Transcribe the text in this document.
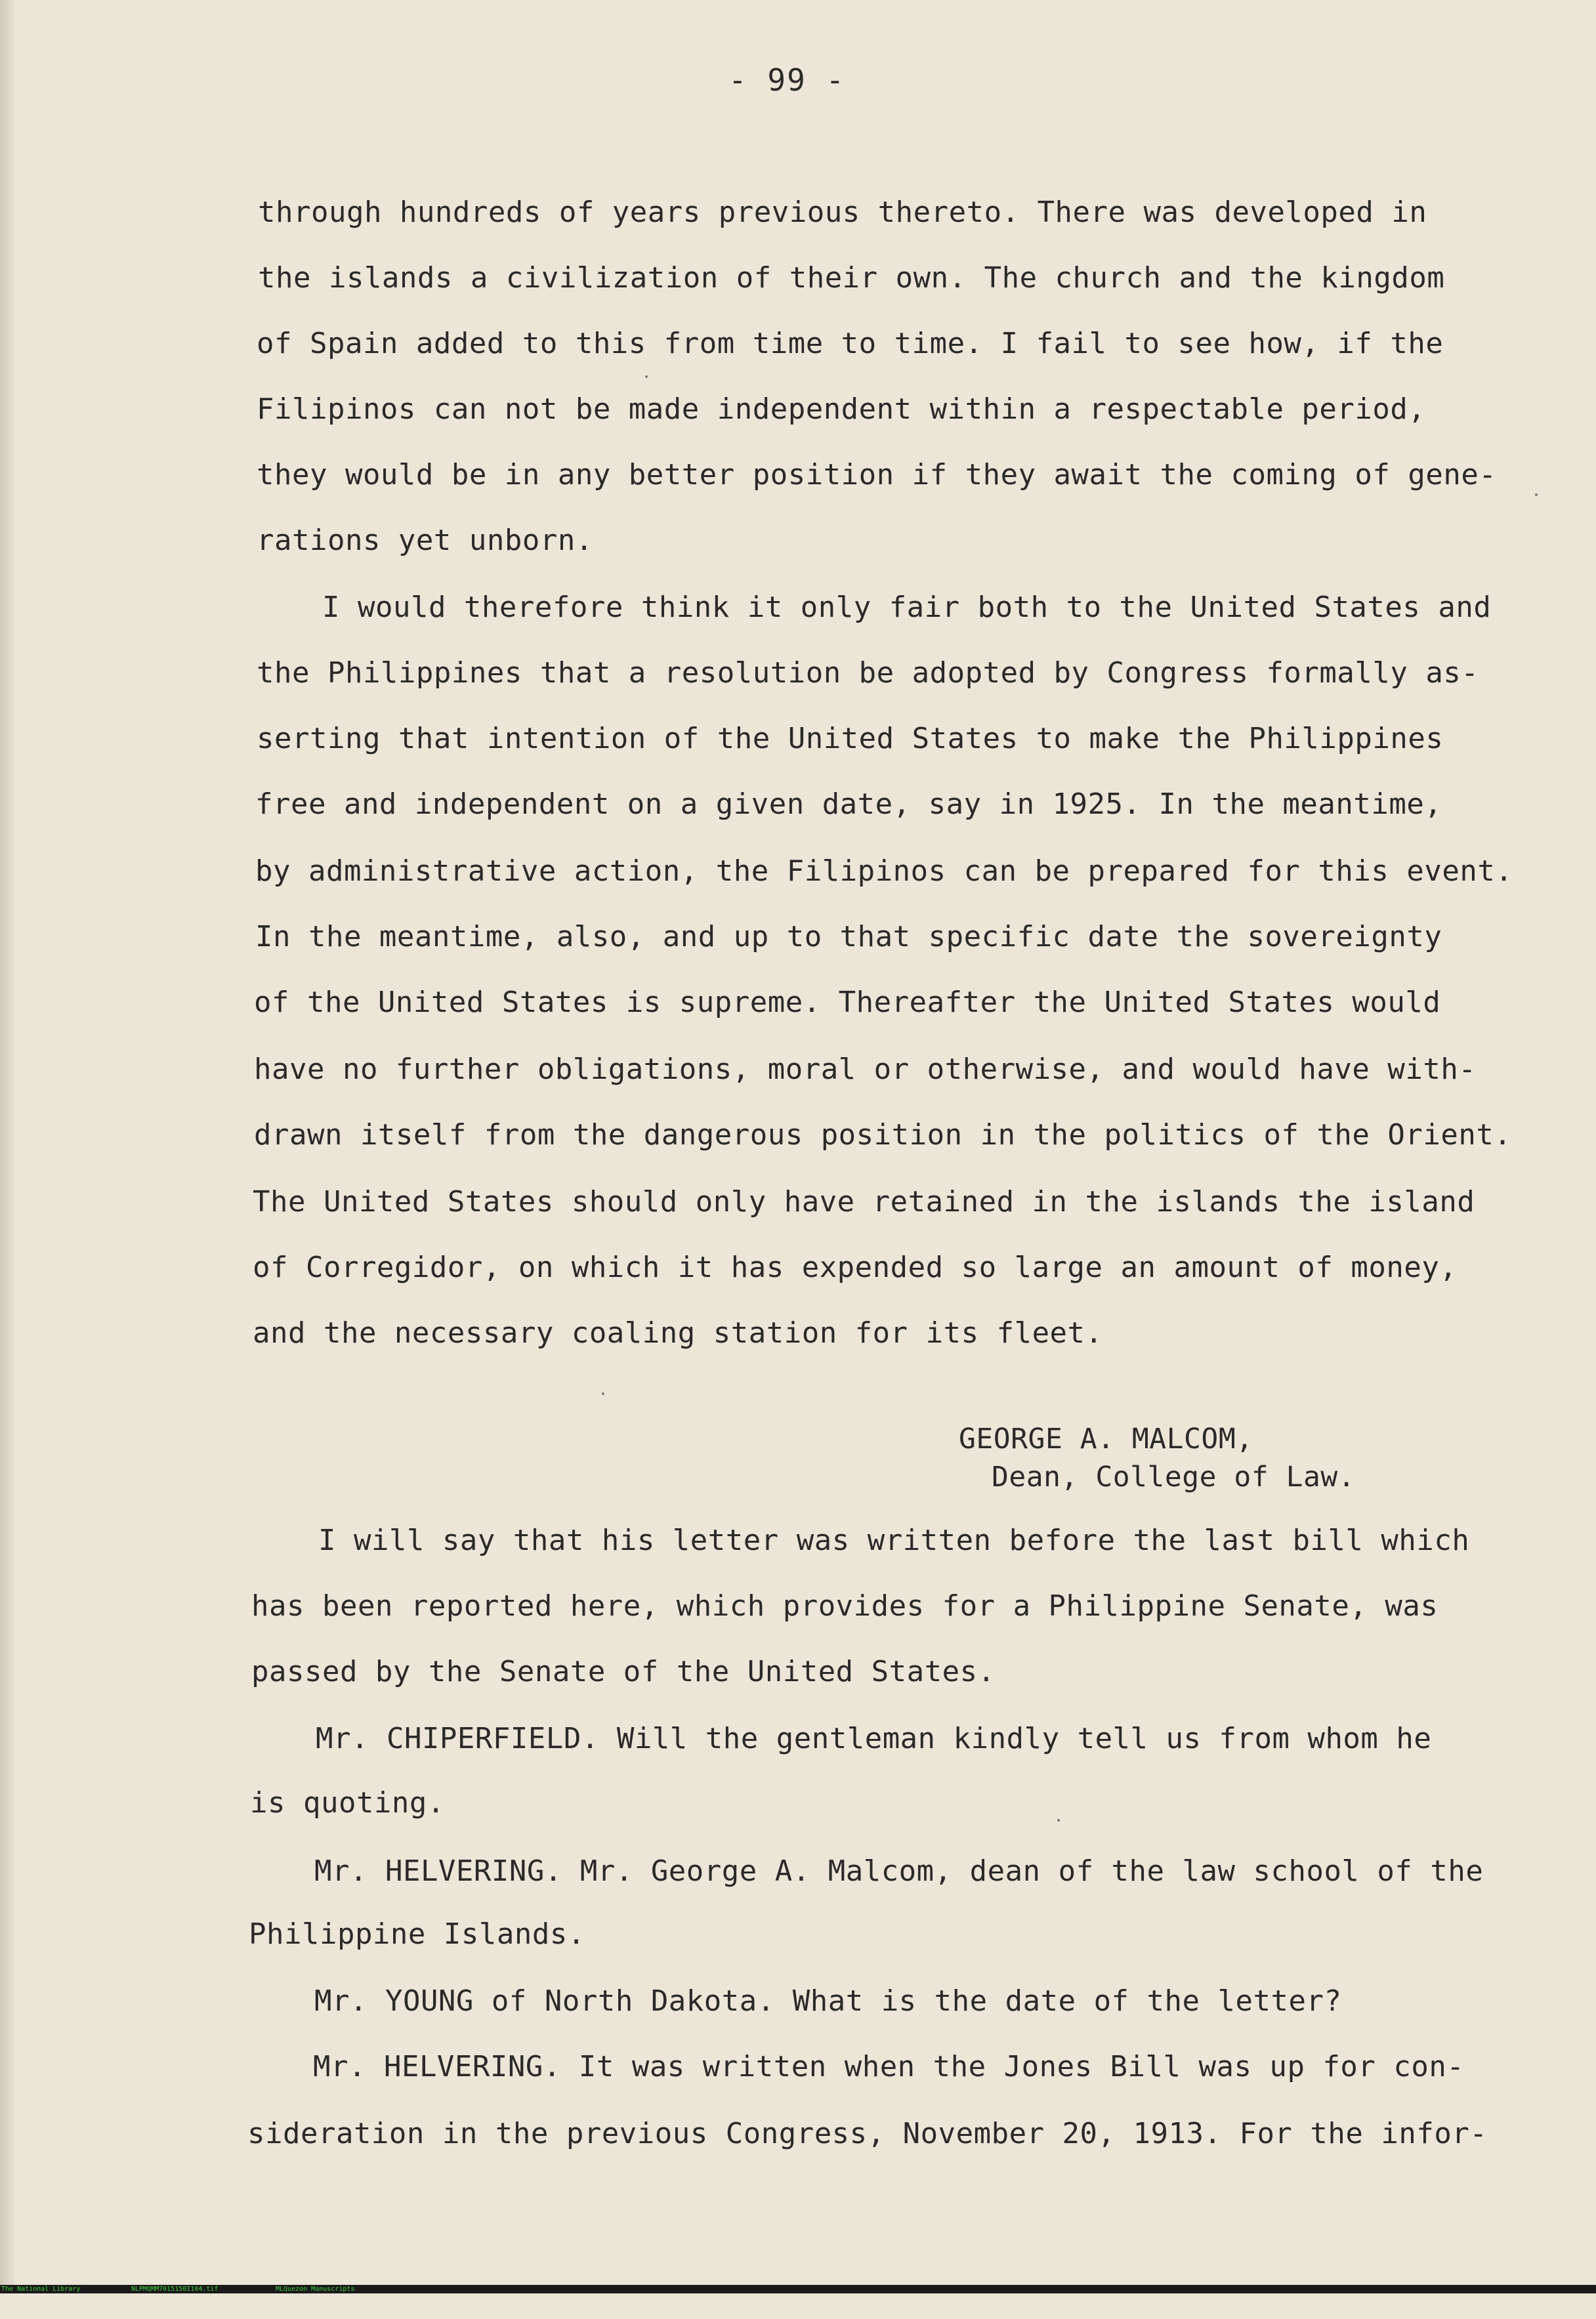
- 99 -
through hundreds of years previous thereto. There was developed in
the islands a civilization of their own. The church and the kingdom
of Spain added to this from time to time. I fail to see how, if the
Filipinos can not be made independent within a respectable period,
they would be in any better position if they await the coming of gene-
rations yet unborn.
I would therefore think it only fair both to the United States and
the Philippines that a resolution be adopted by Congress formally as-
serting that intention of the United States to make the Philippines
free and independent on a given date, say in 1925. In the meantime,
by administrative action, the Filipinos can be prepared for this event.
In the meantime, also, and up to that specific date the sovereignty
of the United States is supreme. Thereafter the United States would
have no further obligations, moral or otherwise, and would have with-
drawn itself from the dangerous position in the politics of the Orient.
The United States should only have retained in the islands the island
of Corregidor, on which it has expended so large an amount of money,
and the necessary coaling station for its fleet.
GEORGE A. MALCOM,
Dean, College of Law.
I will say that his letter was written before the last bill which
has been reported here, which provides for a Philippine Senate, was
passed by the Senate of the United States.
Mr. CHIPERFIELD. Will the gentleman kindly tell us from whom he
is quoting.
Mr. HELVERING. Mr. George A. Malcom, dean of the law school of the
Philippine Islands.
Mr. YOUNG of North Dakota. What is the date of the letter?
Mr. HELVERING. It was written when the Jones Bill was up for con-
sideration in the previous Congress, November 20, 1913. For the infor-

The National Library

	NLPMQMM7015150I104.tif

	MLQuezon Manuscripts
